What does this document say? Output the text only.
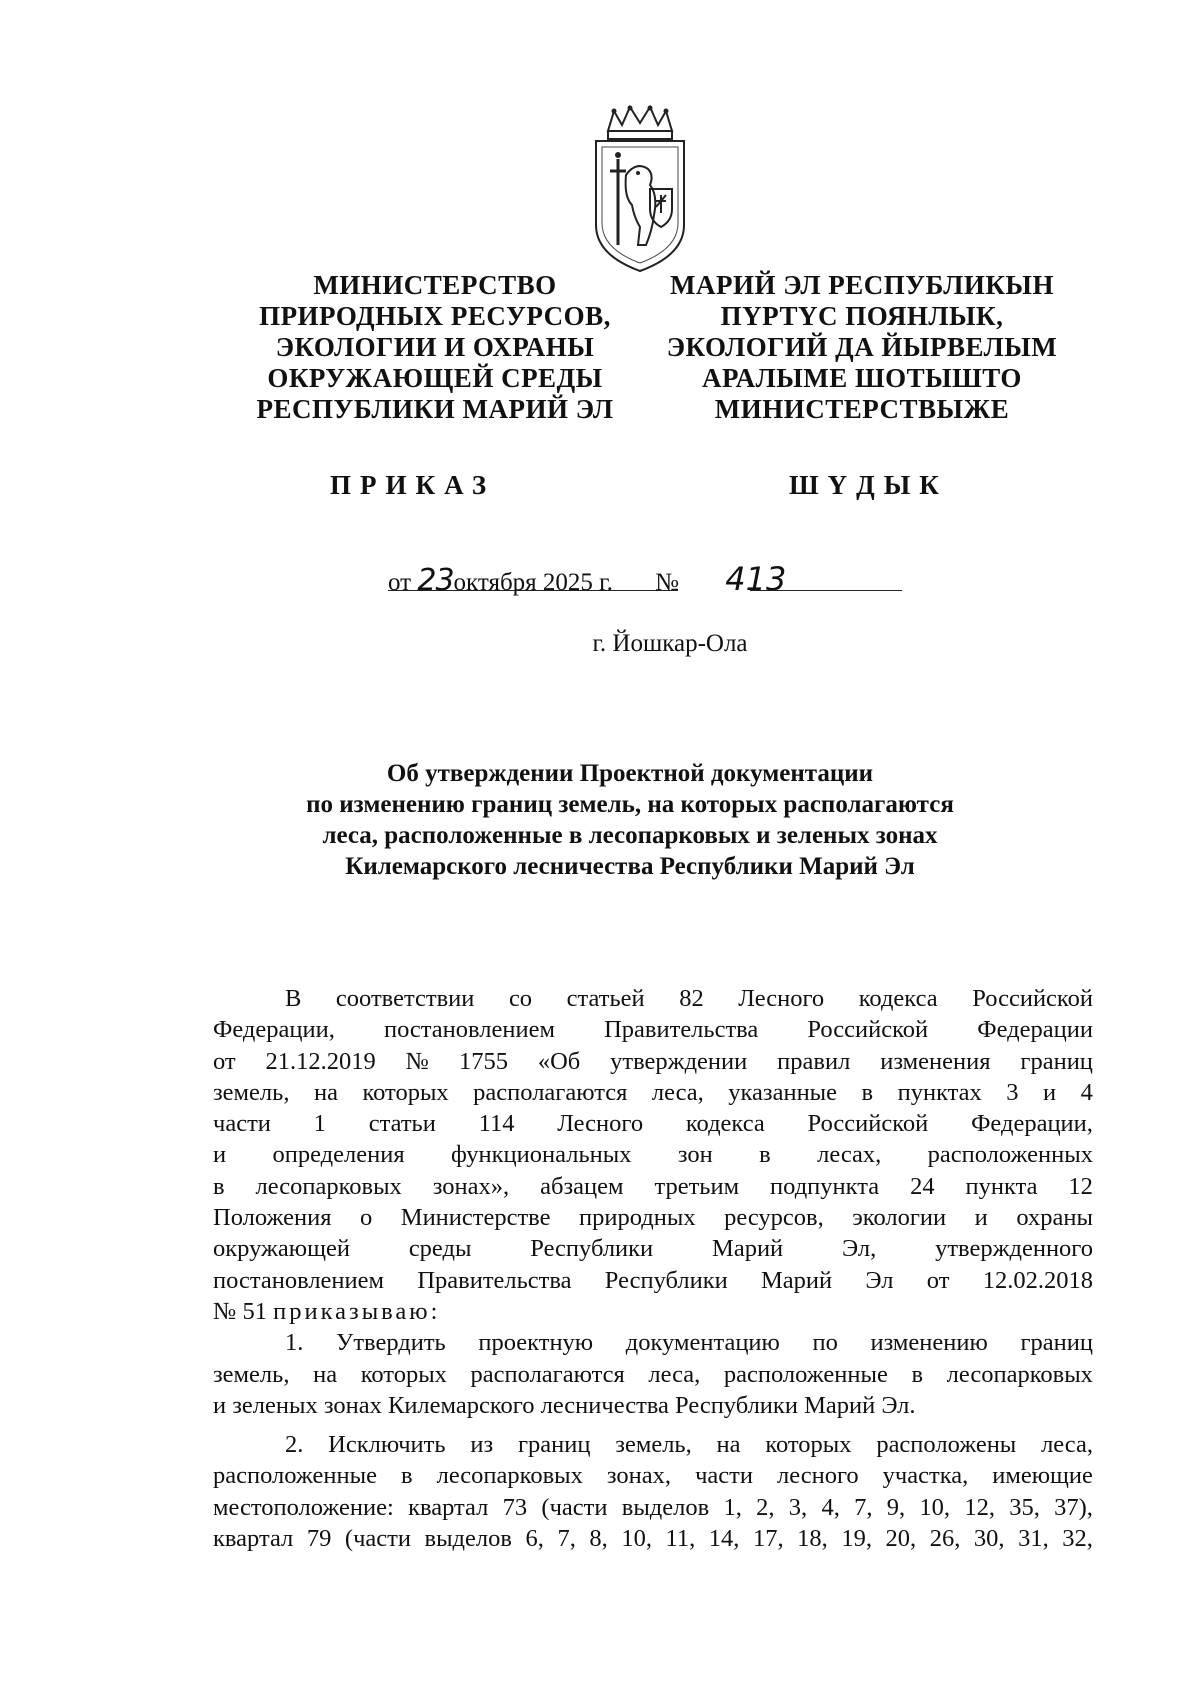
МИНИСТЕРСТВО
ПРИРОДНЫХ РЕСУРСОВ,
ЭКОЛОГИИ И ОХРАНЫ
ОКРУЖАЮЩЕЙ СРЕДЫ
РЕСПУБЛИКИ МАРИЙ ЭЛ
МАРИЙ ЭЛ РЕСПУБЛИКЫН
ПҮРТҮС ПОЯНЛЫК,
ЭКОЛОГИЙ ДА ЙЫРВЕЛЫМ
АРАЛЫМЕ ШОТЫШТО
МИНИСТЕРСТВЫЖЕ
ПРИКАЗ	ШҮДЫК
от 23октября 2025 г. № 413
г. Йошкар-Ола
Об утверждении Проектной документации
по изменению границ земель, на которых располагаются
леса, расположенные в лесопарковых и зеленых зонах
Килемарского лесничества Республики Марий Эл
В соответствии со статьей 82 Лесного кодекса Российской
Федерации, постановлением Правительства Российской Федерации
от 21.12.2019 № 1755 «Об утверждении правил изменения границ
земель, на которых располагаются леса, указанные в пунктах 3 и 4
части 1 статьи 114 Лесного кодекса Российской Федерации,
и определения функциональных зон в лесах, расположенных
в лесопарковых зонах», абзацем третьим подпункта 24 пункта 12
Положения о Министерстве природных ресурсов, экологии и охраны
окружающей среды Республики Марий Эл, утвержденного
постановлением Правительства Республики Марий Эл от 12.02.2018
№ 51
приказываю:
1. Утвердить проектную документацию по изменению границ
земель, на которых располагаются леса, расположенные в лесопарковых
и зеленых зонах Килемарского лесничества Республики Марий Эл.
2. Исключить из границ земель, на которых расположены леса,
расположенные в лесопарковых зонах, части лесного участка, имеющие
местоположение: квартал 73 (части выделов 1, 2, 3, 4, 7, 9, 10, 12, 35, 37),
квартал 79 (части выделов 6, 7, 8, 10, 11, 14, 17, 18, 19, 20, 26, 30, 31, 32,
